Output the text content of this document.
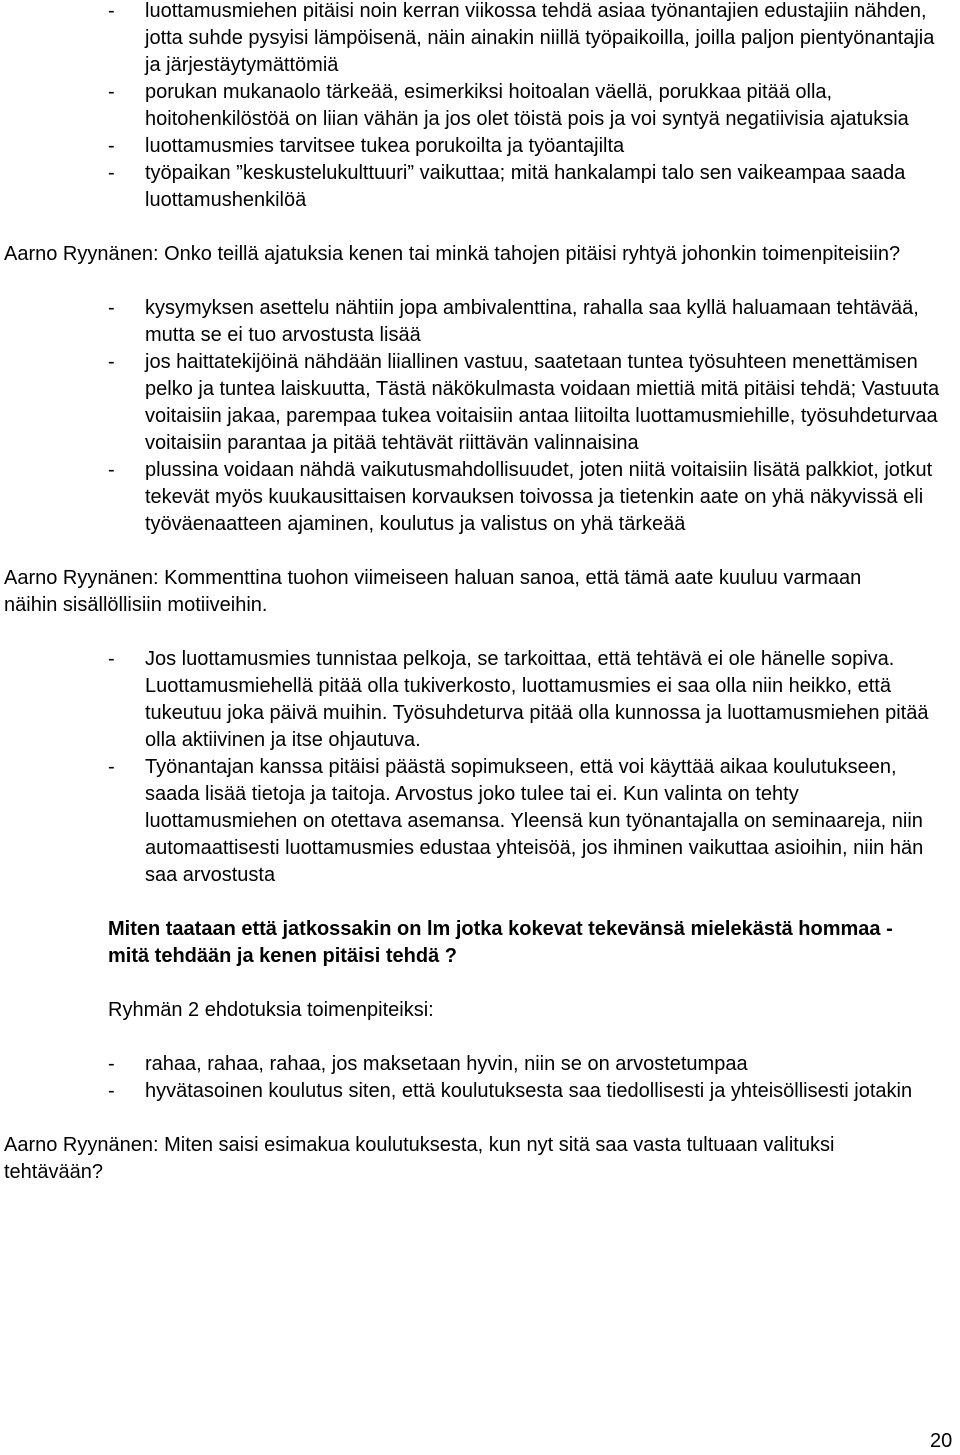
- luottamusmiehen pitäisi noin kerran viikossa tehdä asiaa työnantajien edustajiin nähden, jotta suhde pysyisi lämpöisenä, näin ainakin niillä työpaikoilla, joilla paljon pientyönantajia ja järjestäytymättömiä
- porukan mukanaolo tärkeää, esimerkiksi hoitoalan väellä, porukkaa pitää olla, hoitohenkilöstöä on liian vähän ja jos olet töistä pois ja voi syntyä negatiivisia ajatuksia
- luottamusmies tarvitsee tukea porukoilta ja työantajilta
- työpaikan ”keskustelukulttuuri” vaikuttaa; mitä hankalampi talo sen vaikeampaa saada luottamushenkilöä

Aarno Ryynänen: Onko teillä ajatuksia kenen tai minkä tahojen pitäisi ryhtyä johonkin toimenpiteisiin?

- kysymyksen asettelu nähtiin jopa ambivalenttina, rahalla saa kyllä haluamaan tehtävää, mutta se ei tuo arvostusta lisää
- jos haittatekijöinä nähdään liiallinen vastuu, saatetaan tuntea työsuhteen menettämisen pelko ja tuntea laiskuutta, Tästä näkökulmasta voidaan miettiä mitä pitäisi tehdä; Vastuuta voitaisiin jakaa, parempaa tukea voitaisiin antaa liitoilta luottamusmiehille, työsuhdeturvaa voitaisiin parantaa ja pitää tehtävät riittävän valinnaisina
- plussina voidaan nähdä vaikutusmahdollisuudet, joten niitä voitaisiin lisätä palkkiot, jotkut tekevät myös kuukausittaisen korvauksen toivossa ja tietenkin aate on yhä näkyvissä eli työväenaatteen ajaminen, koulutus ja valistus on yhä tärkeää

Aarno Ryynänen: Kommenttina tuohon viimeiseen haluan sanoa, että tämä aate kuuluu varmaan näihin sisällöllisiin motiiveihin.

- Jos luottamusmies tunnistaa pelkoja, se tarkoittaa, että tehtävä ei ole hänelle sopiva. Luottamusmiehellä pitää olla tukiverkosto, luottamusmies ei saa olla niin heikko, että tukeutuu joka päivä muihin. Työsuhdeturva pitää olla kunnossa ja luottamusmiehen pitää olla aktiivinen ja itse ohjautuva.
- Työnantajan kanssa pitäisi päästä sopimukseen, että voi käyttää aikaa koulutukseen, saada lisää tietoja ja taitoja. Arvostus joko tulee tai ei. Kun valinta on tehty luottamusmiehen on otettava asemansa. Yleensä kun työnantajalla on seminaareja, niin automaattisesti luottamusmies edustaa yhteisöä, jos ihminen vaikuttaa asioihin, niin hän saa arvostusta

Miten taataan että jatkossakin on lm jotka kokevat tekevänsä mielekästä hommaa - mitä tehdään ja kenen pitäisi tehdä ?

Ryhmän 2 ehdotuksia toimenpiteiksi:

- rahaa, rahaa, rahaa, jos maksetaan hyvin, niin se on arvostetumpaa
- hyvätasoinen koulutus siten, että koulutuksesta saa tiedollisesti ja yhteisöllisesti jotakin

Aarno Ryynänen: Miten saisi esimakua koulutuksesta, kun nyt sitä saa vasta tultuaan valituksi tehtävään?

20
